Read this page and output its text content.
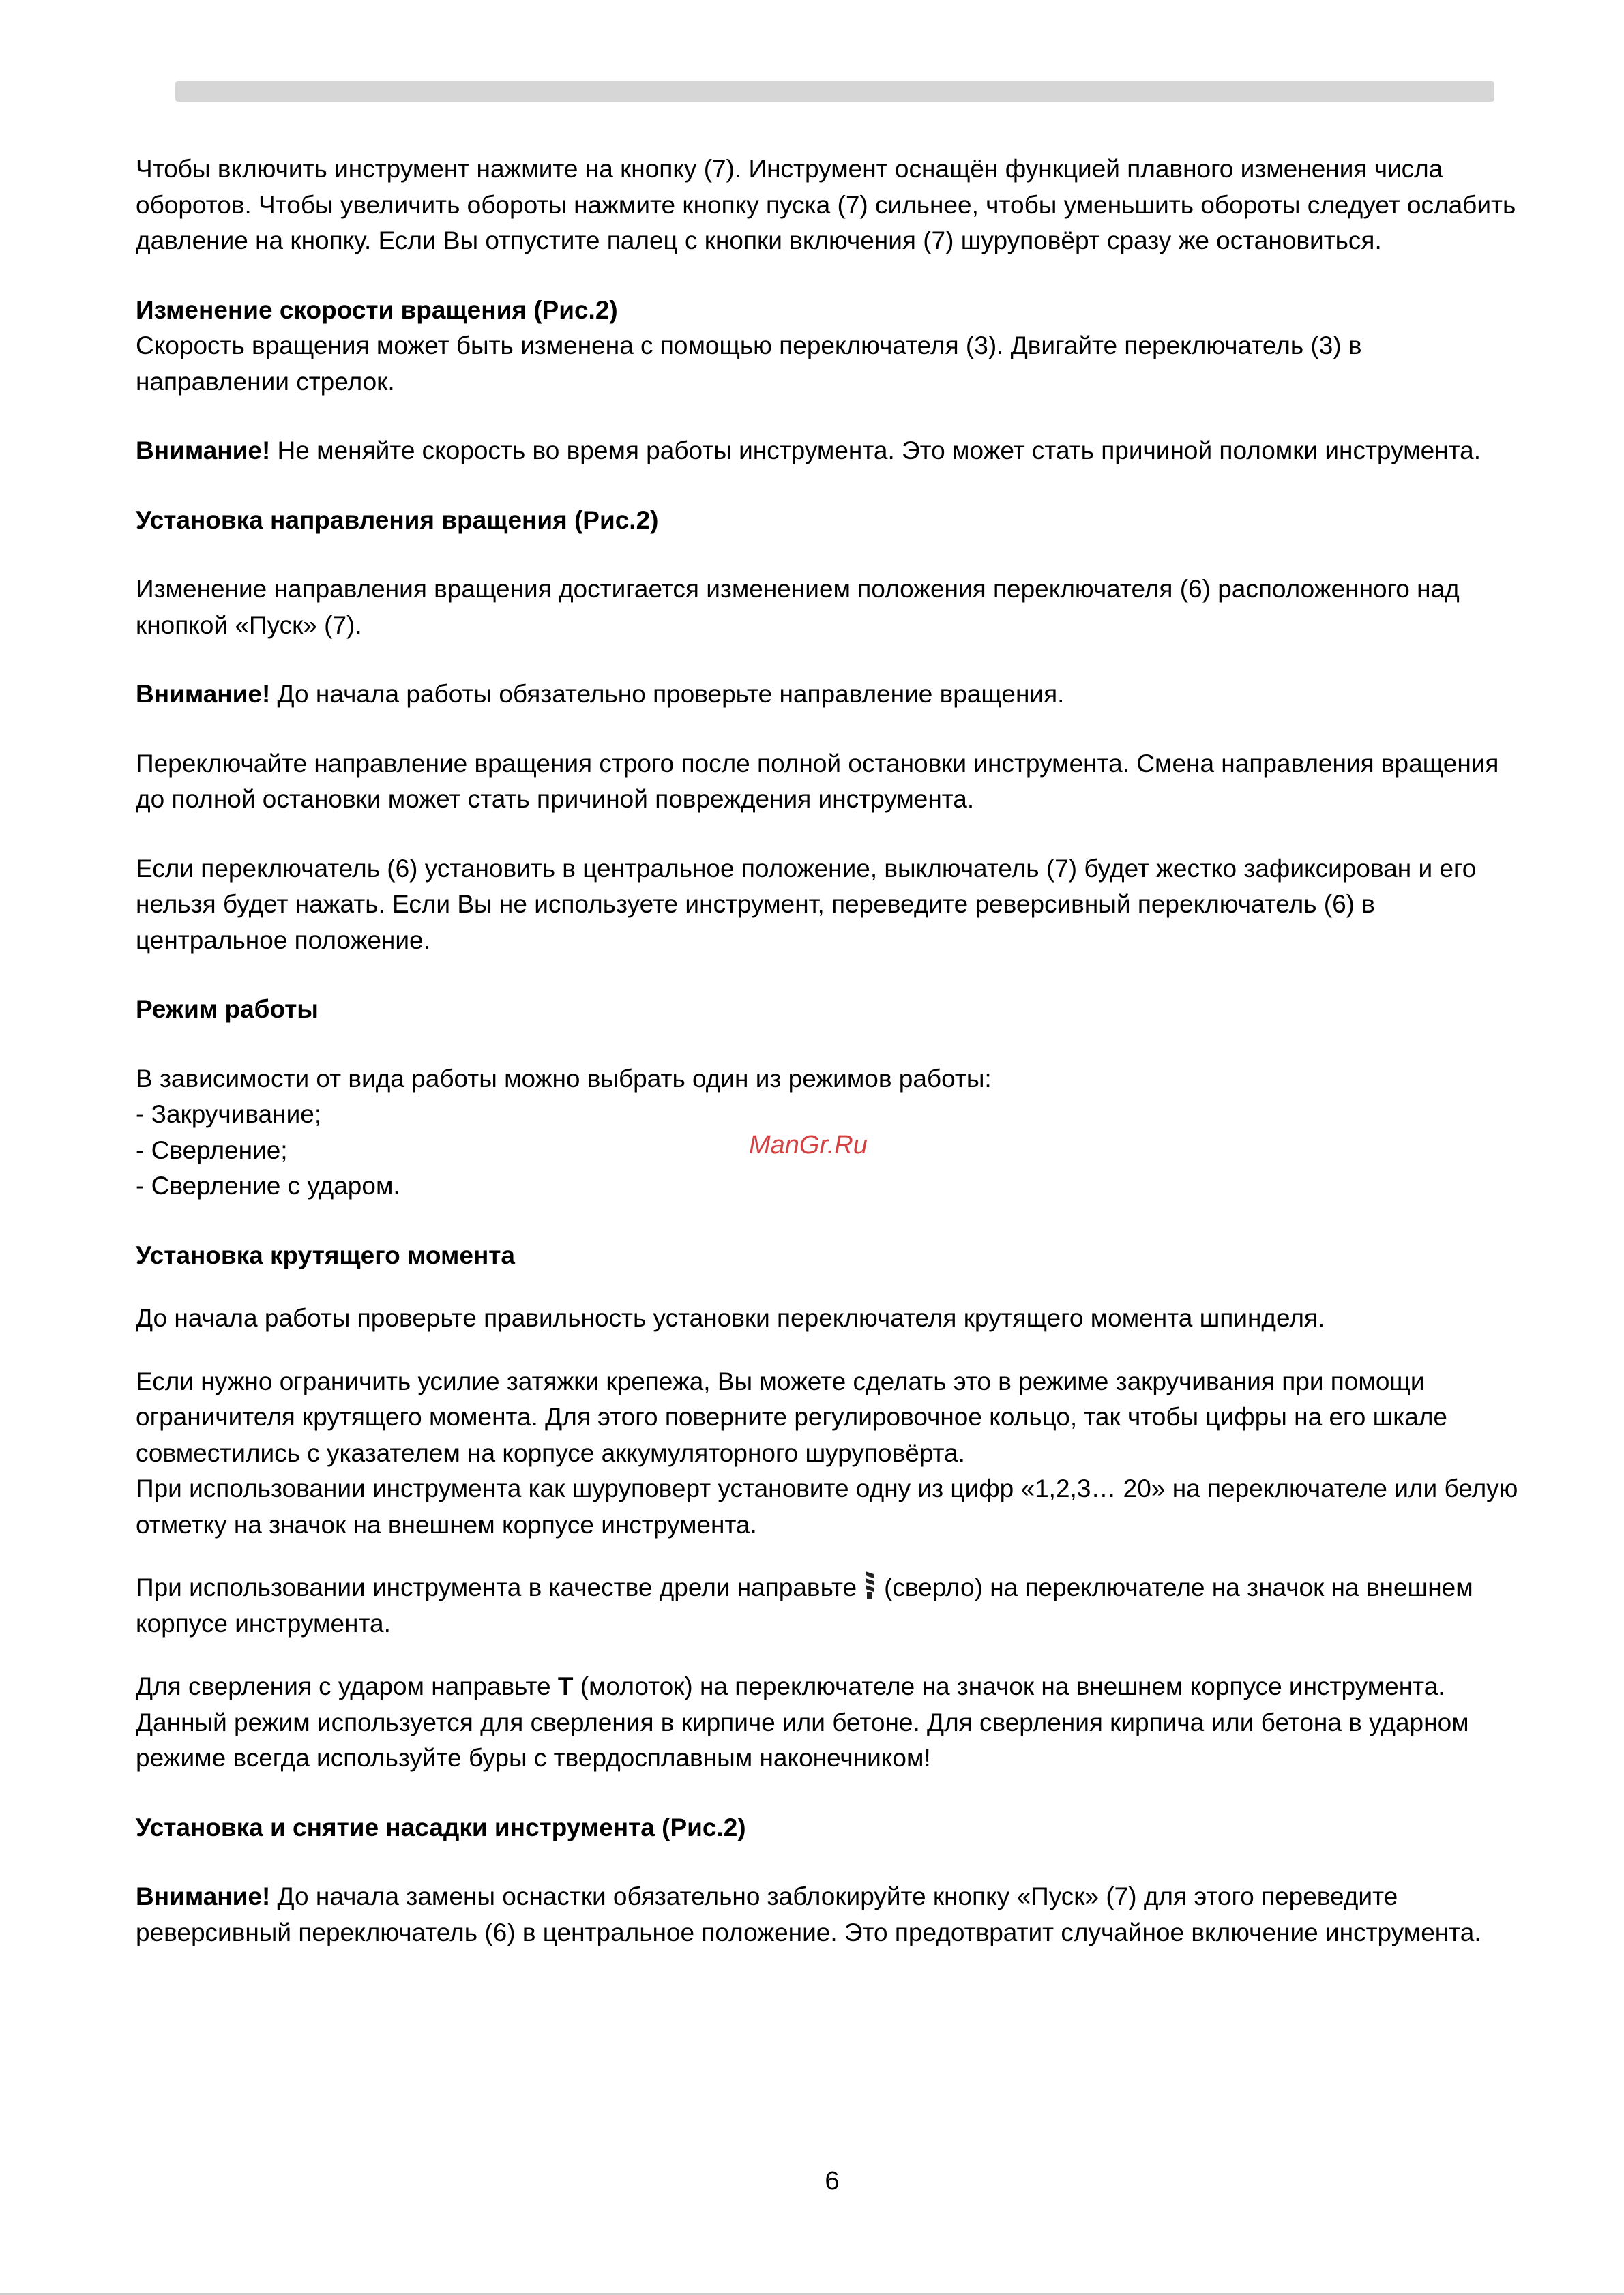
Чтобы включить инструмент нажмите на кнопку (7). Инструмент оснащён функцией плавного изменения числа оборотов. Чтобы увеличить обороты нажмите кнопку пуска (7) сильнее, чтобы уменьшить обороты следует ослабить давление на кнопку. Если Вы отпустите палец с кнопки включения (7) шуруповёрт сразу же остановиться.

Изменение скорости вращения (Рис.2)

Скорость вращения может быть изменена с помощью переключателя (3). Двигайте переключатель (3) в направлении стрелок.

Внимание! Не меняйте скорость во время работы инструмента. Это может стать причиной поломки инструмента.

Установка направления вращения (Рис.2)

Изменение направления вращения достигается изменением положения переключателя (6) расположенного над кнопкой «Пуск» (7).

Внимание! До начала работы обязательно проверьте направление вращения.

Переключайте направление вращения строго после полной остановки инструмента. Смена направления вращения до полной остановки может стать причиной повреждения инструмента.

Если переключатель (6) установить в центральное положение, выключатель (7) будет жестко зафиксирован и его нельзя будет нажать. Если Вы не используете инструмент, переведите реверсивный переключатель (6) в центральное положение.

Режим работы

В зависимости от вида работы можно выбрать один из режимов работы:

- Закручивание;

- Сверление;

- Сверление с ударом.

Установка крутящего момента

До начала работы проверьте правильность установки переключателя крутящего момента шпинделя.

Если нужно ограничить усилие затяжки крепежа, Вы можете сделать это в режиме закручивания при помощи ограничителя крутящего момента. Для этого поверните регулировочное кольцо, так чтобы цифры на его шкале совместились с указателем на корпусе аккумуляторного шуруповёрта.

При использовании инструмента как шуруповерт установите одну из цифр «1,2,3… 20» на переключателе или белую отметку на значок на внешнем корпусе инструмента.

При использовании инструмента в качестве дрели направьте (сверло) на переключателе на значок на внешнем корпусе инструмента.

Для сверления с ударом направьте T (молоток) на переключателе на значок на внешнем корпусе инструмента. Данный режим используется для сверления в кирпиче или бетоне. Для сверления кирпича или бетона в ударном режиме всегда используйте буры с твердосплавным наконечником!

Установка и снятие насадки инструмента (Рис.2)

Внимание! До начала замены оснастки обязательно заблокируйте кнопку «Пуск» (7) для этого переведите реверсивный переключатель (6) в центральное положение. Это предотвратит случайное включение инструмента.

ManGr.Ru
6
